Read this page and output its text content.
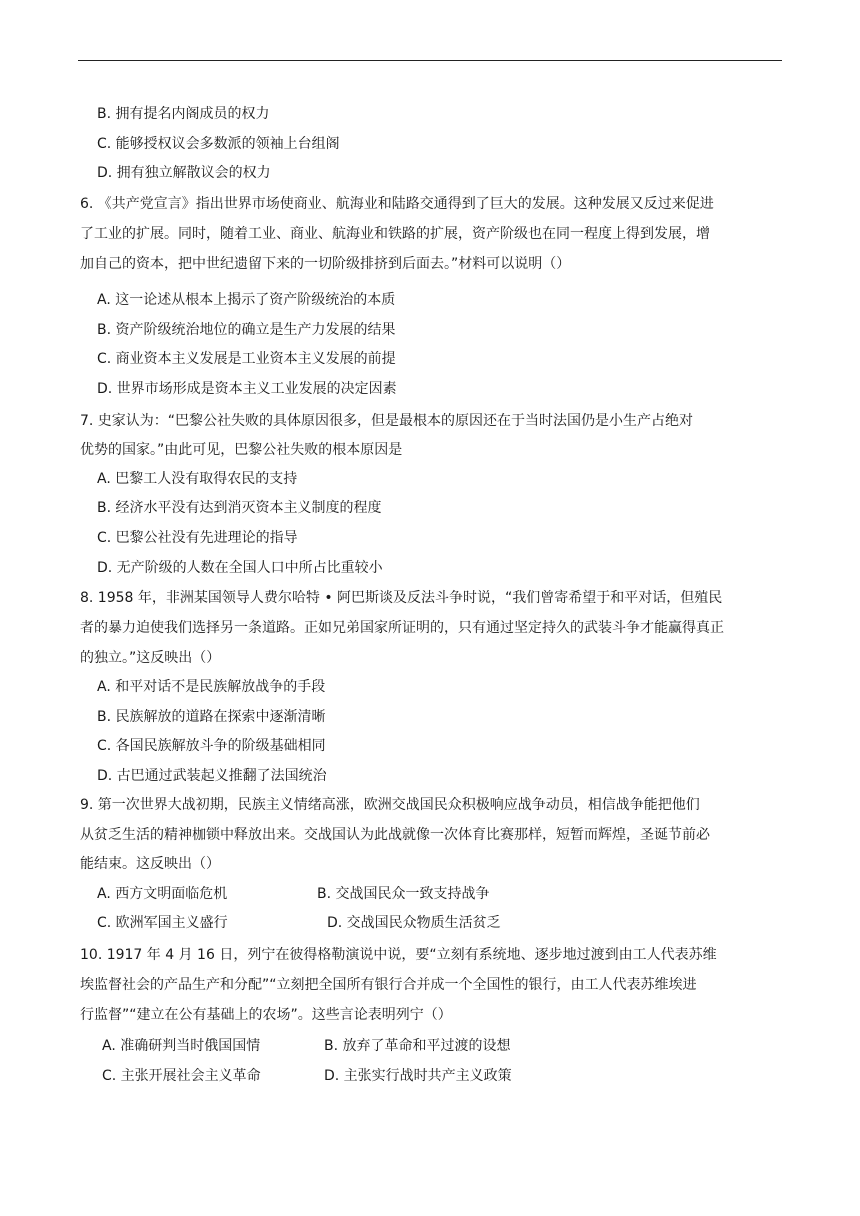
B. 拥有提名内阁成员的权力
C. 能够授权议会多数派的领袖上台组阁
D. 拥有独立解散议会的权力
6. 《共产党宣言》指出世界市场使商业、航海业和陆路交通得到了巨大的发展。这种发展又反过来促进
了工业的扩展。同时，随着工业、商业、航海业和铁路的扩展，资产阶级也在同一程度上得到发展，增
加自己的资本，把中世纪遗留下来的一切阶级排挤到后面去。”材料可以说明（）
A. 这一论述从根本上揭示了资产阶级统治的本质
B. 资产阶级统治地位的确立是生产力发展的结果
C. 商业资本主义发展是工业资本主义发展的前提
D. 世界市场形成是资本主义工业发展的决定因素
7. 史家认为：“巴黎公社失败的具体原因很多，但是最根本的原因还在于当时法国仍是小生产占绝对
优势的国家。”由此可见，巴黎公社失败的根本原因是
A. 巴黎工人没有取得农民的支持
B. 经济水平没有达到消灭资本主义制度的程度
C. 巴黎公社没有先进理论的指导
D. 无产阶级的人数在全国人口中所占比重较小
8. 1958 年，非洲某国领导人费尔哈特 • 阿巴斯谈及反法斗争时说，“我们曾寄希望于和平对话，但殖民
者的暴力迫使我们选择另一条道路。正如兄弟国家所证明的，只有通过坚定持久的武装斗争才能赢得真正
的独立。”这反映出（）
A. 和平对话不是民族解放战争的手段
B. 民族解放的道路在探索中逐渐清晰
C. 各国民族解放斗争的阶级基础相同
D. 古巴通过武装起义推翻了法国统治
9. 第一次世界大战初期，民族主义情绪高涨，欧洲交战国民众积极响应战争动员，相信战争能把他们
从贫乏生活的精神枷锁中释放出来。交战国认为此战就像一次体育比赛那样，短暂而辉煌，圣诞节前必
能结束。这反映出（）
A. 西方文明面临危机	B. 交战国民众一致支持战争
C. 欧洲军国主义盛行	D. 交战国民众物质生活贫乏
10. 1917 年 4 月 16 日，列宁在彼得格勒演说中说，要“立刻有系统地、逐步地过渡到由工人代表苏维
埃监督社会的产品生产和分配”“立刻把全国所有银行合并成一个全国性的银行，由工人代表苏维埃进
行监督”“建立在公有基础上的农场”。这些言论表明列宁（）
A. 准确研判当时俄国国情	B. 放弃了革命和平过渡的设想
C. 主张开展社会主义革命	D. 主张实行战时共产主义政策
